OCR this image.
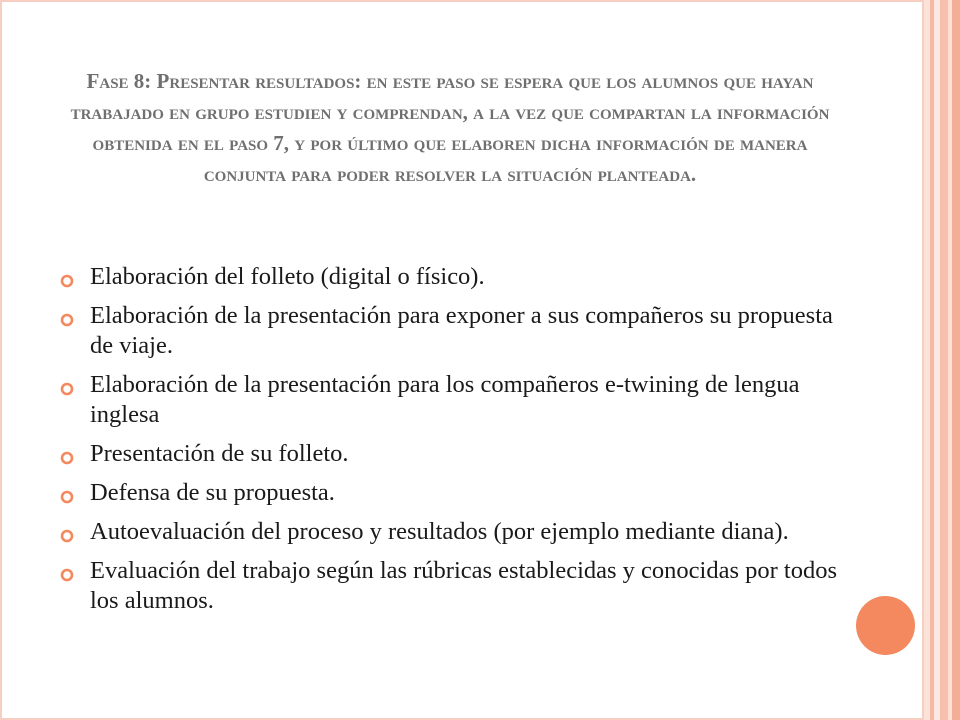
Fase 8: Presentar resultados: en este paso se espera que los alumnos que hayan trabajado en grupo estudien y comprendan, a la vez que compartan la información obtenida en el paso 7, y por último que elaboren dicha información de manera conjunta para poder resolver la situación planteada.
Elaboración del folleto (digital o físico).
Elaboración de la presentación para exponer a sus compañeros su propuesta de viaje.
Elaboración de la presentación para los compañeros e-twining de lengua inglesa
Presentación de su folleto.
Defensa de su propuesta.
Autoevaluación del proceso y resultados (por ejemplo mediante diana).
Evaluación del trabajo según las rúbricas establecidas y conocidas por todos los alumnos.
